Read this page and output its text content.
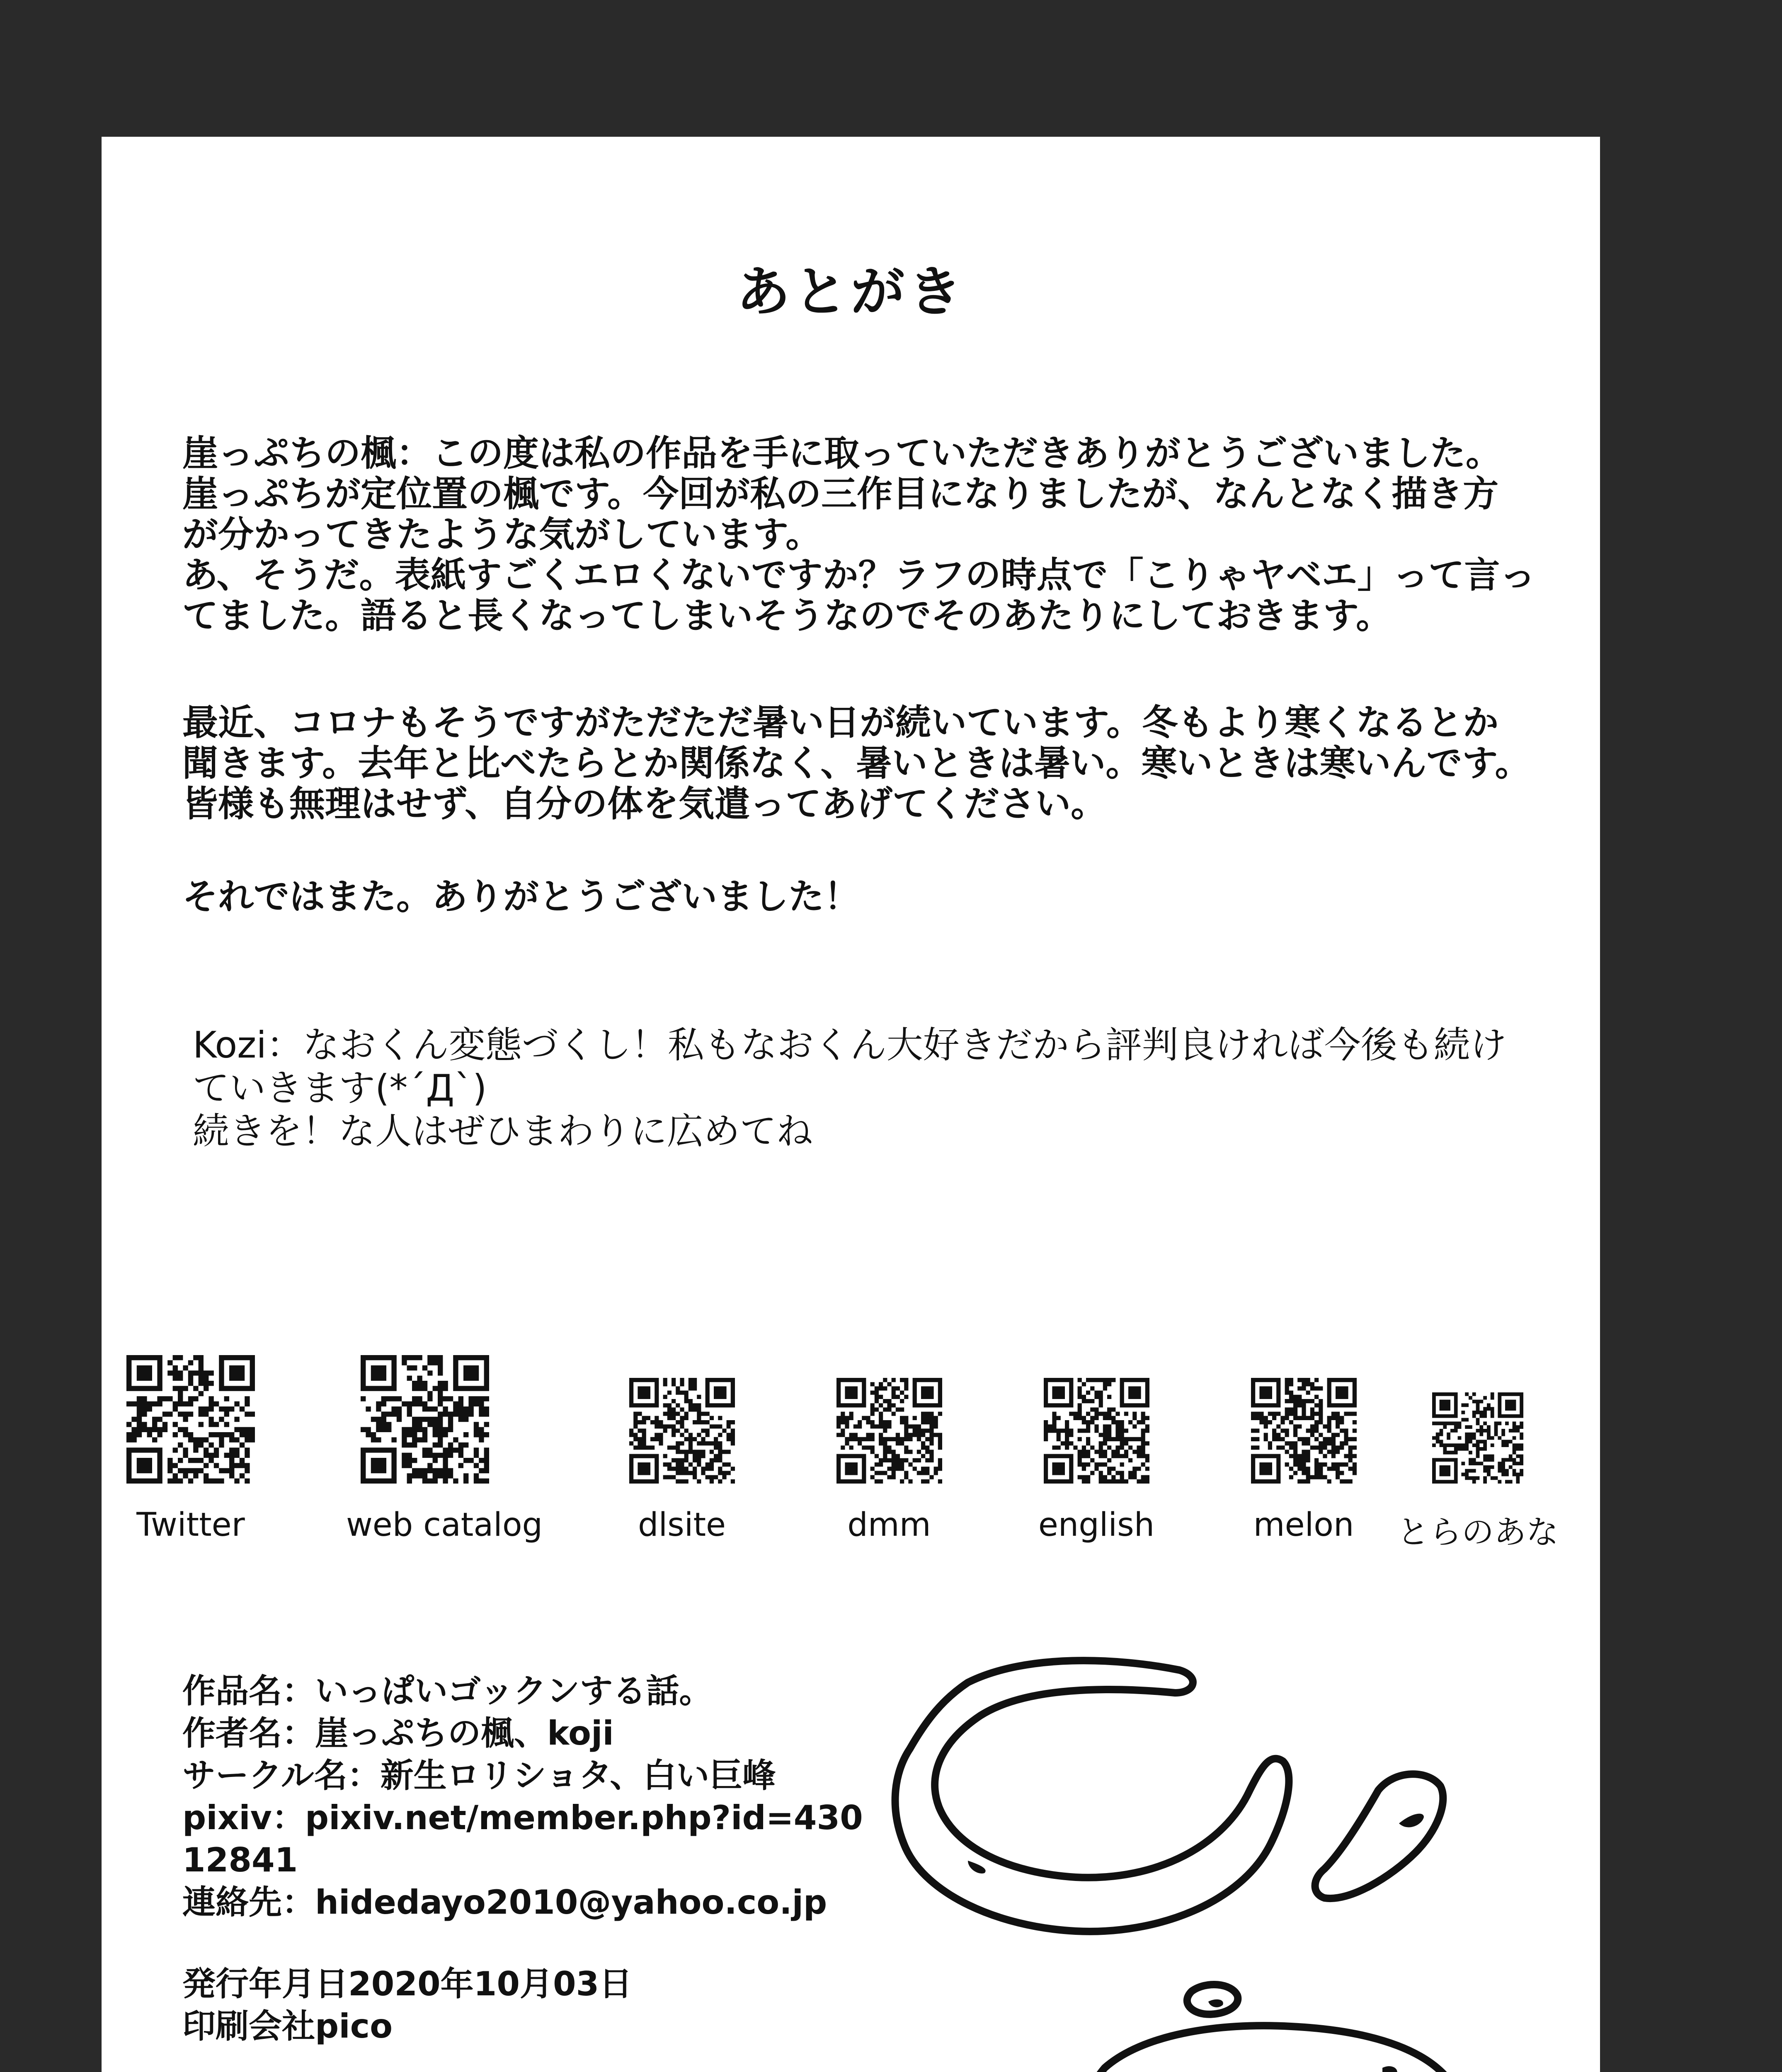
あとがき
崖っぷちの楓：この度は私の作品を手に取っていただきありがとうございました。
崖っぷちが定位置の楓です。今回が私の三作目になりましたが、なんとなく描き方
が分かってきたような気がしています。
あ、そうだ。表紙すごくエロくないですか？ラフの時点で「こりゃヤベエ」って言っ
てました。語ると長くなってしまいそうなのでそのあたりにしておきます。
最近、コロナもそうですがただただ暑い日が続いています。冬もより寒くなるとか
聞きます。去年と比べたらとか関係なく、暑いときは暑い。寒いときは寒いんです。
皆様も無理はせず、自分の体を気遣ってあげてください。
それではまた。ありがとうございました！
Kozi：なおくん変態づくし！私もなおくん大好きだから評判良ければ今後も続け
ていきます(*´Д`)
続きを！な人はぜひまわりに広めてね
Twitter	web catalog	dlsite	dmm	english	melon	とらのあな
作品名：いっぱいゴックンする話。
作者名：崖っぷちの楓、koji
サークル名：新生ロリショタ、白い巨峰
pixiv：pixiv.net/member.php?id=430
12841
連絡先：hidedayo2010@yahoo.co.jp
発行年月日2020年10月03日
印刷会社pico
